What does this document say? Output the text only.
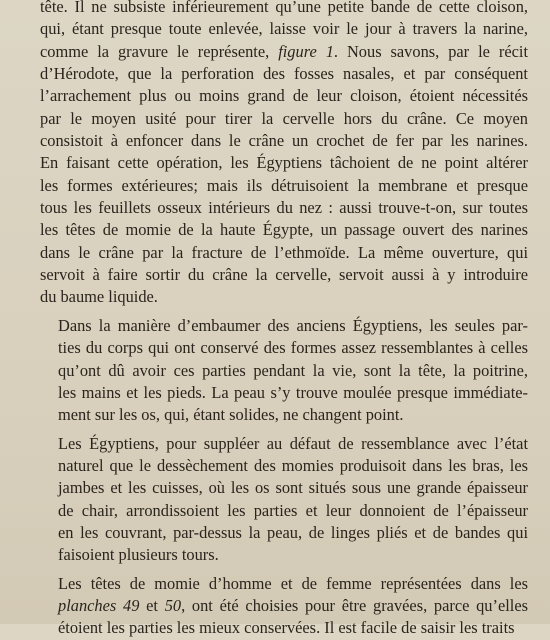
tête. Il ne subsiste inférieurement qu’une petite bande de cette cloison,
qui, étant presque toute enlevée, laisse voir le jour à travers la narine,
comme la gravure le représente, figure 1. Nous savons, par le récit
d’Hérodote, que la perforation des fosses nasales, et par conséquent
l’arrachement plus ou moins grand de leur cloison, étoient nécessités
par le moyen usité pour tirer la cervelle hors du crâne. Ce moyen
consistoit à enfoncer dans le crâne un crochet de fer par les narines.
En faisant cette opération, les Égyptiens tâchoient de ne point altérer
les formes extérieures; mais ils détruisoient la membrane et presque
tous les feuillets osseux intérieurs du nez : aussi trouve-t-on, sur toutes
les têtes de momie de la haute Égypte, un passage ouvert des narines
dans le crâne par la fracture de l’ethmoïde. La même ouverture, qui
servoit à faire sortir du crâne la cervelle, servoit aussi à y introduire
du baume liquide.
Dans la manière d’embaumer des anciens Égyptiens, les seules par-
ties du corps qui ont conservé des formes assez ressemblantes à celles
qu’ont dû avoir ces parties pendant la vie, sont la tête, la poitrine,
les mains et les pieds. La peau s’y trouve moulée presque immédiate-
ment sur les os, qui, étant solides, ne changent point.
Les Égyptiens, pour suppléer au défaut de ressemblance avec l’état
naturel que le dessèchement des momies produisoit dans les bras, les
jambes et les cuisses, où les os sont situés sous une grande épaisseur
de chair, arrondissoient les parties et leur donnoient de l’épaisseur
en les couvrant, par-dessus la peau, de linges pliés et de bandes qui
faisoient plusieurs tours.
Les têtes de momie d’homme et de femme représentées dans les
planches 49 et 50, ont été choisies pour être gravées, parce qu’elles
étoient les parties les mieux conservées. Il est facile de saisir les traits
